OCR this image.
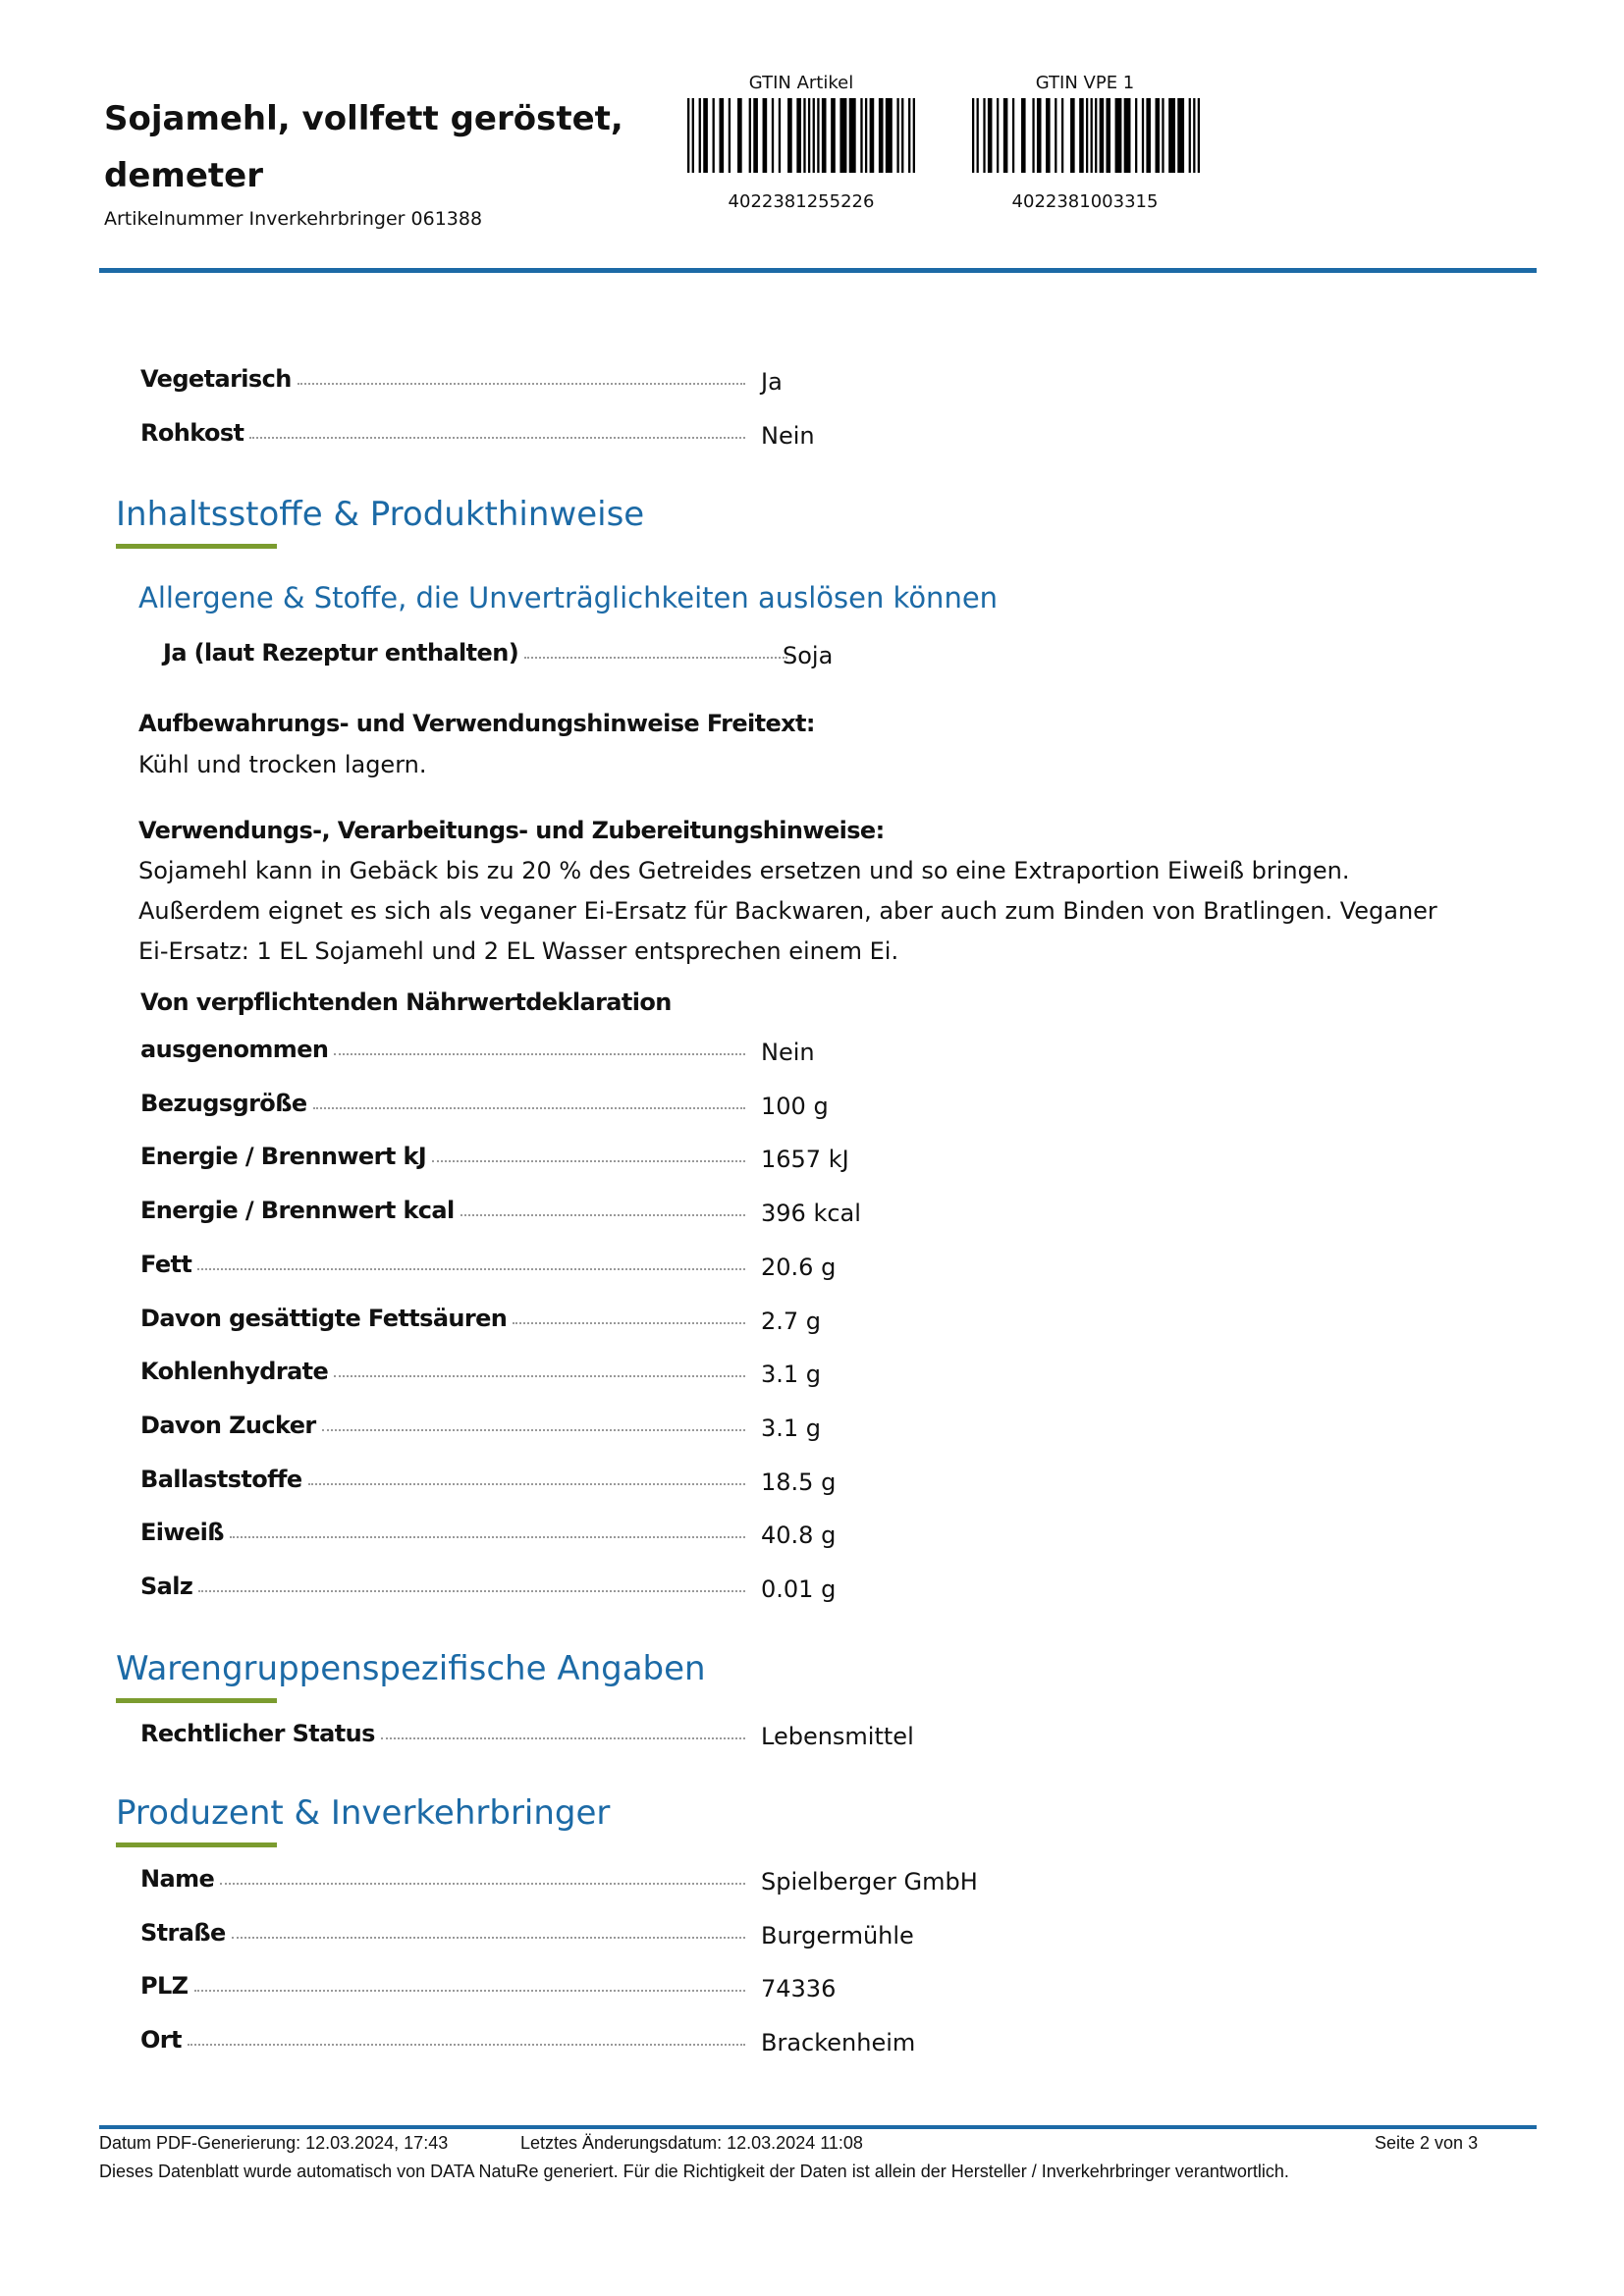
Sojamehl, vollfett geröstet,
demeter
Artikelnummer Inverkehrbringer 061388
GTIN Artikel
4022381255226
GTIN VPE 1
4022381003315
Vegetarisch	Ja
Rohkost	Nein
Inhaltsstoffe & Produkthinweise
Allergene & Stoffe, die Unverträglichkeiten auslösen können
Ja (laut Rezeptur enthalten)	Soja
Aufbewahrungs- und Verwendungshinweise Freitext:
Kühl und trocken lagern.
Verwendungs-, Verarbeitungs- und Zubereitungshinweise:
Sojamehl kann in Gebäck bis zu 20 % des Getreides ersetzen und so eine Extraportion Eiweiß bringen.
Außerdem eignet es sich als veganer Ei-Ersatz für Backwaren, aber auch zum Binden von Bratlingen. Veganer
Ei-Ersatz: 1 EL Sojamehl und 2 EL Wasser entsprechen einem Ei.
Von verpflichtenden Nährwertdeklaration
ausgenommen	Nein
Bezugsgröße	100 g
Energie / Brennwert kJ	1657 kJ
Energie / Brennwert kcal	396 kcal
Fett	20.6 g
Davon gesättigte Fettsäuren	2.7 g
Kohlenhydrate	3.1 g
Davon Zucker	3.1 g
Ballaststoffe	18.5 g
Eiweiß	40.8 g
Salz	0.01 g
Warengruppenspezifische Angaben
Rechtlicher Status	Lebensmittel
Produzent & Inverkehrbringer
Name	Spielberger GmbH
Straße	Burgermühle
PLZ	74336
Ort	Brackenheim
Datum PDF-Generierung: 12.03.2024, 17:43	Letztes Änderungsdatum: 12.03.2024 11:08	Seite 2 von 3
Dieses Datenblatt wurde automatisch von DATA NatuRe generiert. Für die Richtigkeit der Daten ist allein der Hersteller / Inverkehrbringer verantwortlich.
